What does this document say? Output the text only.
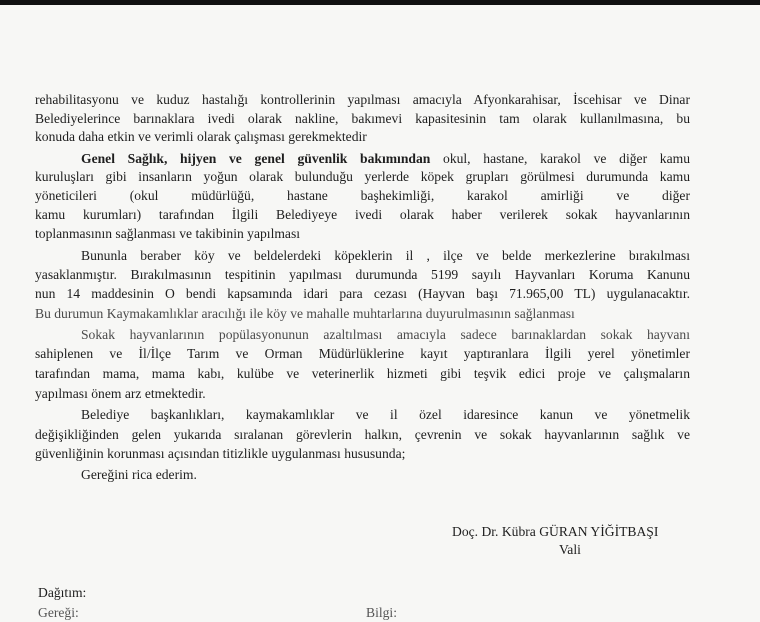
rehabilitasyonu ve kuduz hastalığı kontrollerinin yapılması amacıyla Afyonkarahisar, İscehisar ve Dinar
Belediyelerince barınaklara ivedi olarak nakline, bakımevi kapasitesinin tam olarak kullanılmasına, bu
konuda daha etkin ve verimli olarak çalışması gerekmektedir
Genel Sağlık, hijyen ve genel güvenlik bakımından okul, hastane, karakol ve diğer kamu
kuruluşları gibi insanların yoğun olarak bulunduğu yerlerde köpek grupları görülmesi durumunda kamu
yöneticileri (okul müdürlüğü, hastane başhekimliği, karakol amirliği ve diğer
kamu kurumları) tarafından İlgili Belediyeye ivedi olarak haber verilerek sokak hayvanlarının
toplanmasının sağlanması ve takibinin yapılması
Bununla beraber köy ve beldelerdeki köpeklerin il , ilçe ve belde merkezlerine bırakılması
yasaklanmıştır. Bırakılmasının tespitinin yapılması durumunda 5199 sayılı Hayvanları Koruma Kanunu
nun 14 maddesinin O bendi kapsamında idari para cezası (Hayvan başı 71.965,00 TL) uygulanacaktır.
Bu durumun Kaymakamlıklar aracılığı ile köy ve mahalle muhtarlarına duyurulmasının sağlanması
Sokak hayvanlarının popülasyonunun azaltılması amacıyla sadece barınaklardan sokak hayvanı
sahiplenen ve İl/İlçe Tarım ve Orman Müdürlüklerine kayıt yaptıranlara İlgili yerel yönetimler
tarafından mama, mama kabı, kulübe ve veterinerlik hizmeti gibi teşvik edici proje ve çalışmaların
yapılması önem arz etmektedir.
Belediye başkanlıkları, kaymakamlıklar ve il özel idaresince kanun ve yönetmelik
değişikliğinden gelen yukarıda sıralanan görevlerin halkın, çevrenin ve sokak hayvanlarının sağlık ve
güvenliğinin korunması açısından titizlikle uygulanması hususunda;
Gereğini rica ederim.
Doç. Dr. Kübra GÜRAN YİĞİTBAŞI
Vali
Dağıtım:
Gereği:	Bilgi:
